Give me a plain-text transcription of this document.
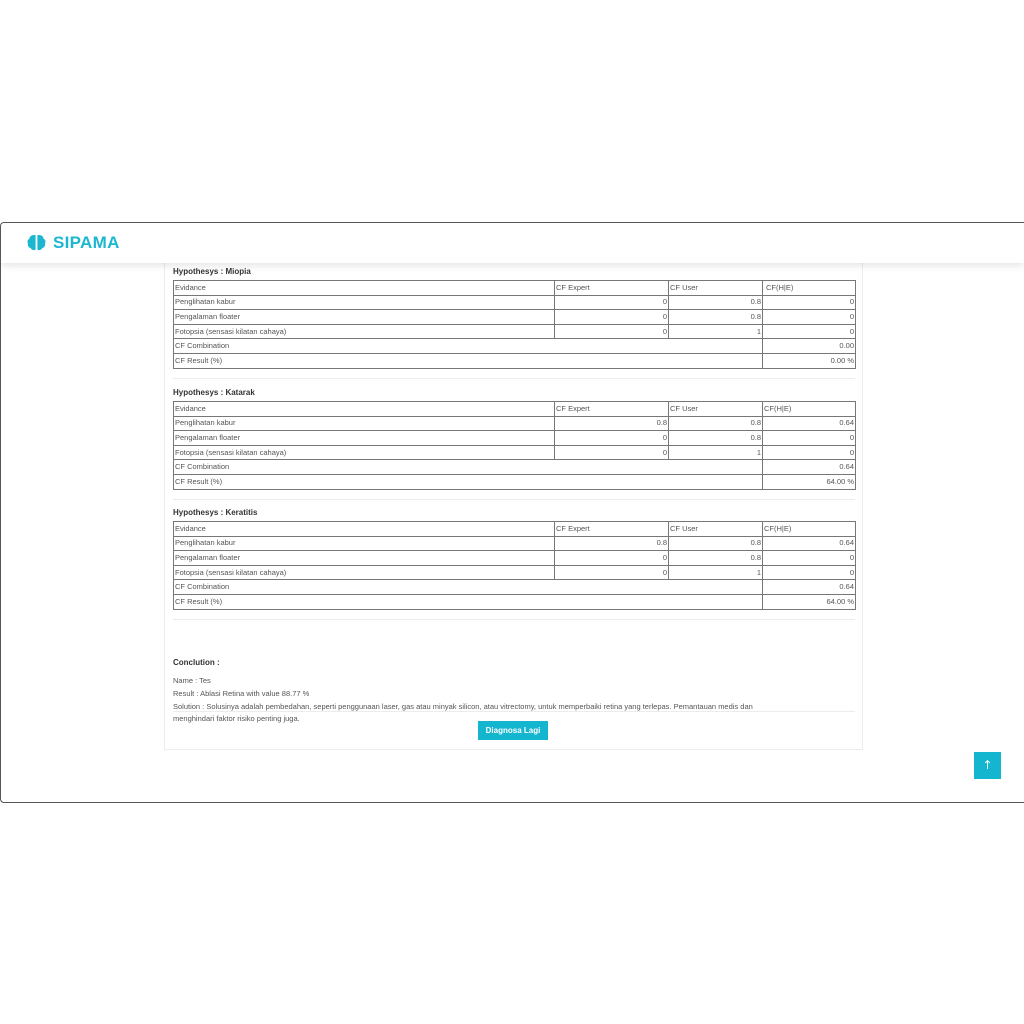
SIPAMA
Hypothesys : Miopia
Evidance	CF Expert	CF User	CF(H|E)
Penglihatan kabur	0	0.8	0
Pengalaman floater	0	0.8	0
Fotopsia (sensasi kilatan cahaya)	0	1	0
CF Combination			0.00
CF Result (%)			0.00 %
Hypothesys : Katarak
Evidance	CF Expert	CF User	CF(H|E)
Penglihatan kabur	0.8	0.8	0.64
Pengalaman floater	0	0.8	0
Fotopsia (sensasi kilatan cahaya)	0	1	0
CF Combination			0.64
CF Result (%)			64.00 %
Hypothesys : Keratitis
Evidance	CF Expert	CF User	CF(H|E)
Penglihatan kabur	0.8	0.8	0.64
Pengalaman floater	0	0.8	0
Fotopsia (sensasi kilatan cahaya)	0	1	0
CF Combination			0.64
CF Result (%)			64.00 %
Conclution :
Name : Tes
Result : Ablasi Retina with value 88.77 %
Solution : Solusinya adalah pembedahan, seperti penggunaan laser, gas atau minyak silicon, atau vitrectomy, untuk memperbaiki retina yang terlepas. Pemantauan medis dan
menghindari faktor risiko penting juga.
Diagnosa Lagi
↑
